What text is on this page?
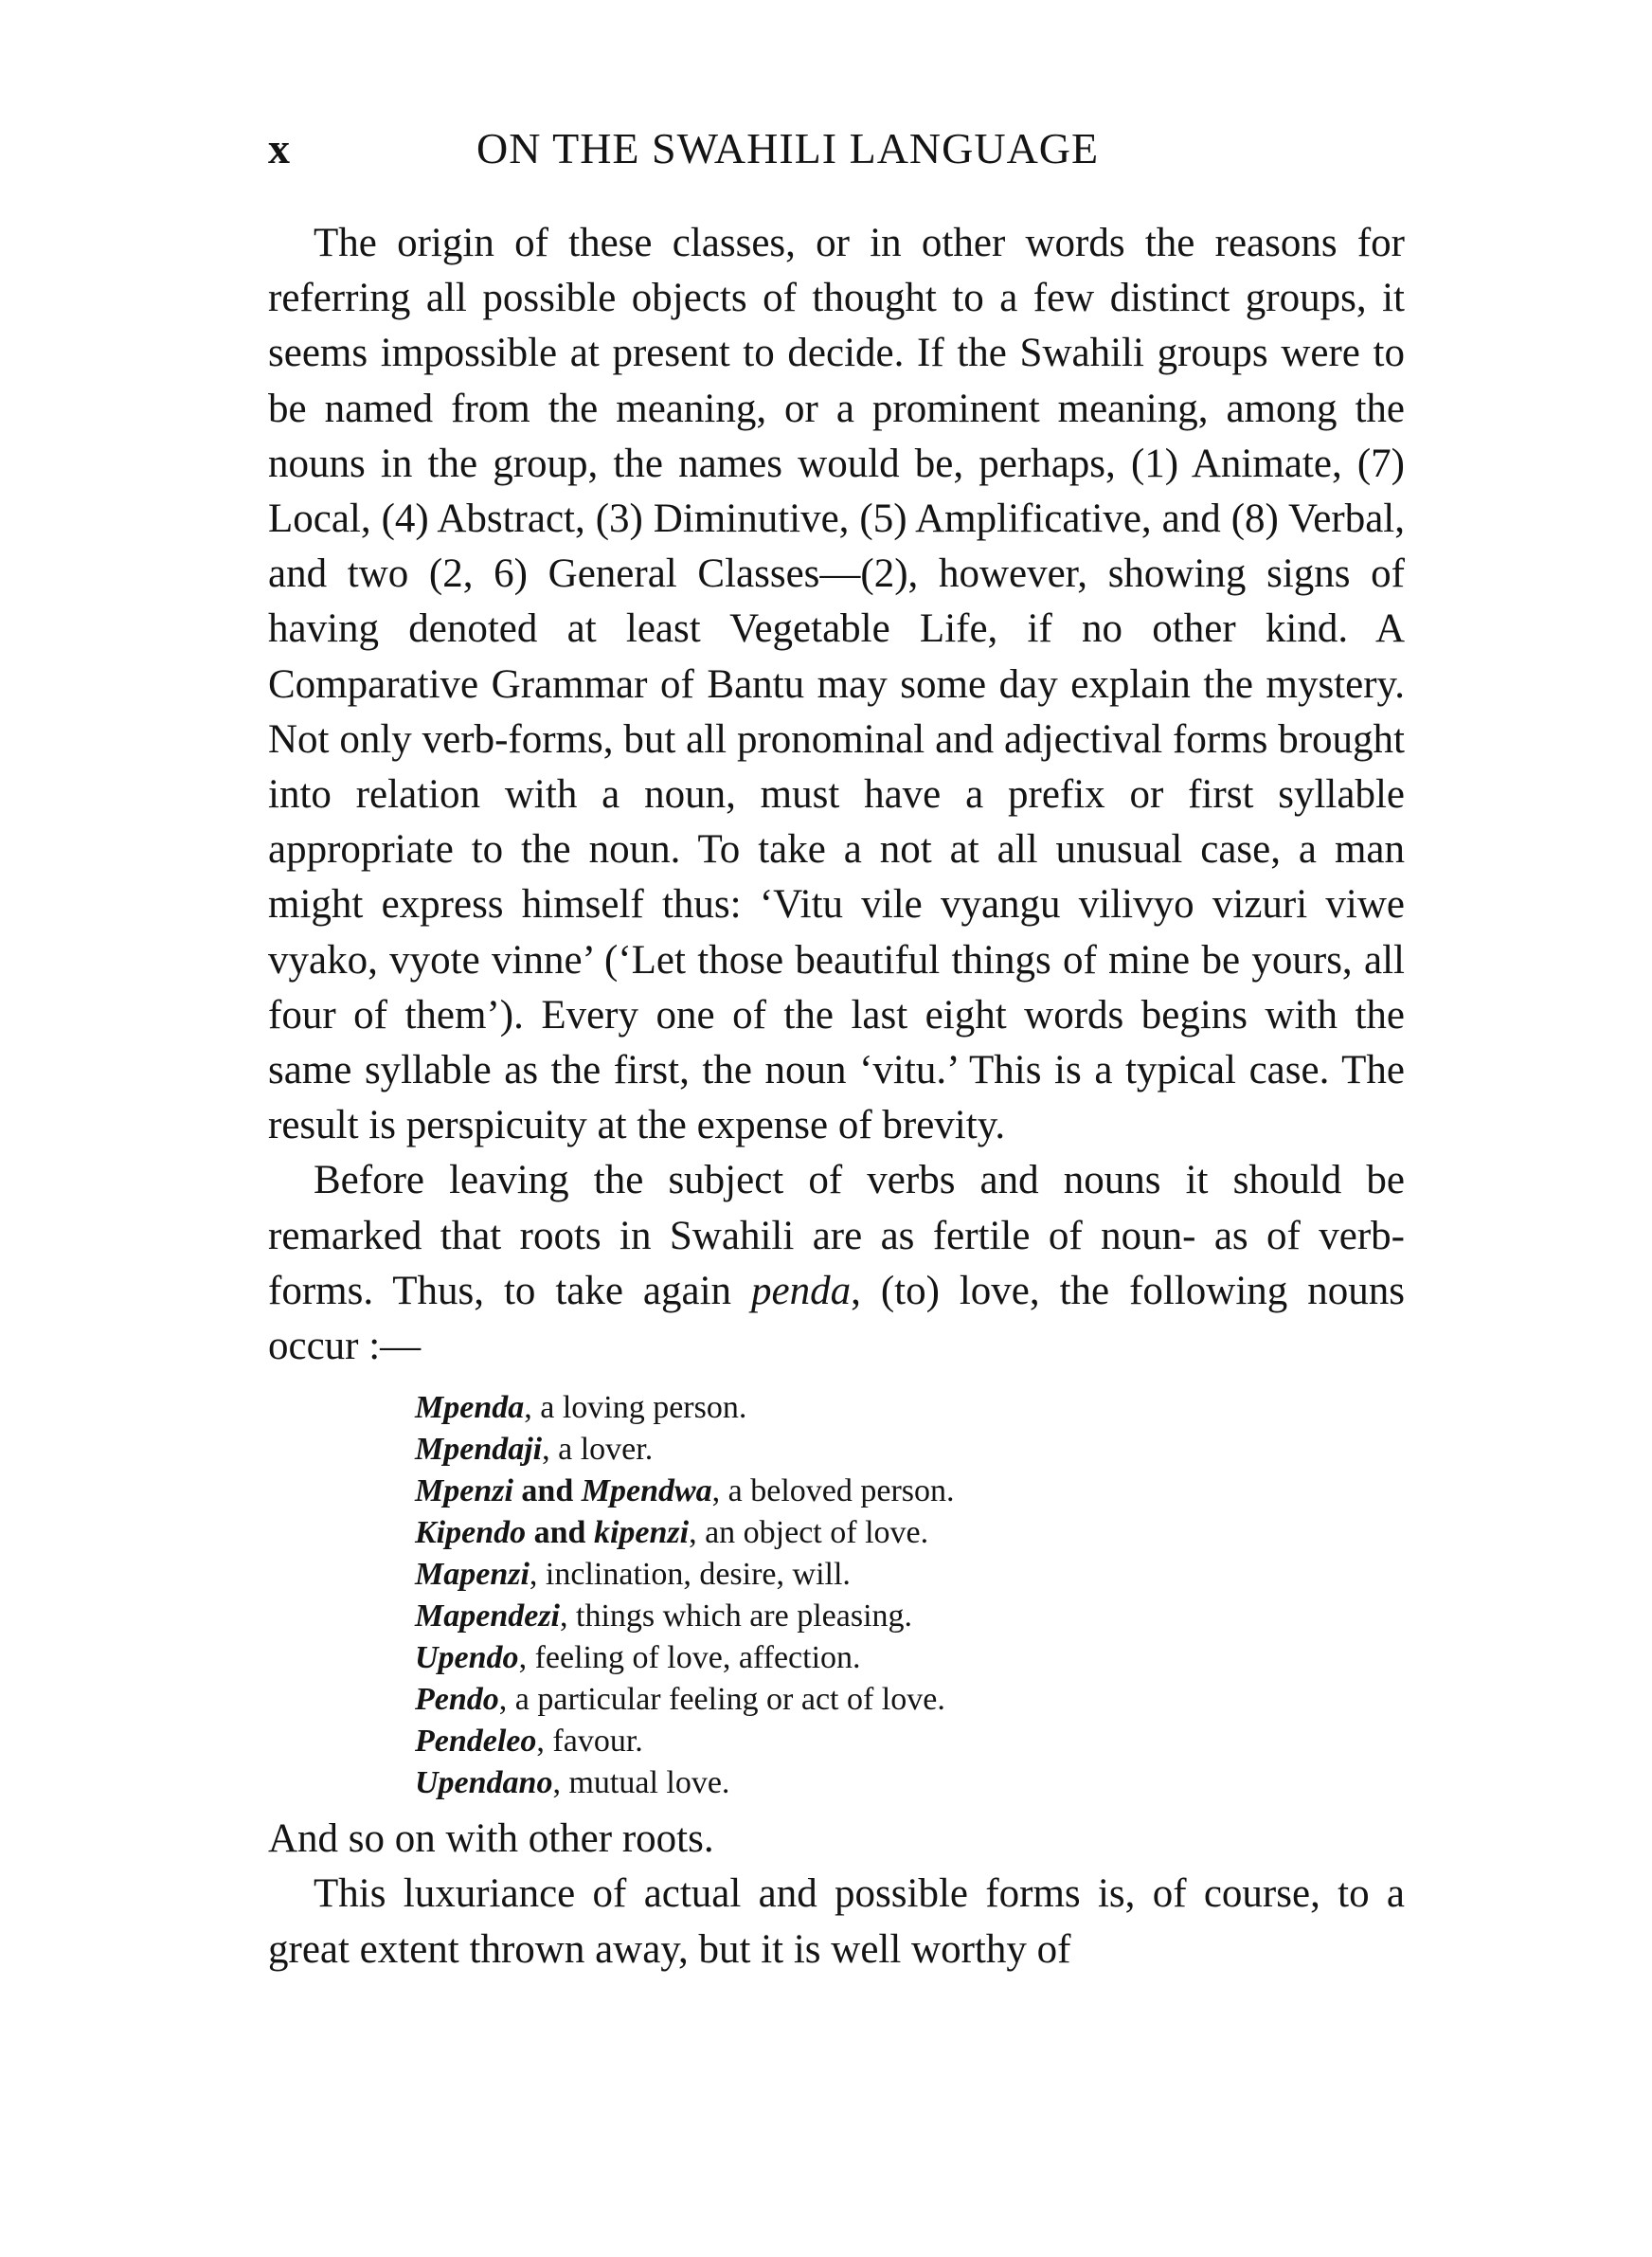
x	ON THE SWAHILI LANGUAGE

The origin of these classes, or in other words the reasons for referring all possible objects of thought to a few distinct groups, it seems impossible at present to decide. If the Swahili groups were to be named from the meaning, or a prominent meaning, among the nouns in the group, the names would be, perhaps, (1) Animate, (7) Local, (4) Abstract, (3) Diminutive, (5) Amplificative, and (8) Verbal, and two (2, 6) General Classes—(2), however, showing signs of having denoted at least Vegetable Life, if no other kind. A Comparative Grammar of Bantu may some day explain the mystery. Not only verb-forms, but all pronominal and adjectival forms brought into relation with a noun, must have a prefix or first syllable appropriate to the noun. To take a not at all unusual case, a man might express himself thus: ‘Vitu vile vyangu vilivyo vizuri viwe vyako, vyote vinne’ (‘Let those beautiful things of mine be yours, all four of them’). Every one of the last eight words begins with the same syllable as the first, the noun ‘vitu.’ This is a typical case. The result is perspicuity at the expense of brevity.

Before leaving the subject of verbs and nouns it should be remarked that roots in Swahili are as fertile of noun- as of verb-forms. Thus, to take again penda, (to) love, the following nouns occur :—

Mpenda, a loving person.
Mpendaji, a lover.
Mpenzi and Mpendwa, a beloved person.
Kipendo and kipenzi, an object of love.
Mapenzi, inclination, desire, will.
Mapendezi, things which are pleasing.
Upendo, feeling of love, affection.
Pendo, a particular feeling or act of love.
Pendeleo, favour.
Upendano, mutual love.

And so on with other roots.

This luxuriance of actual and possible forms is, of course, to a great extent thrown away, but it is well worthy of
